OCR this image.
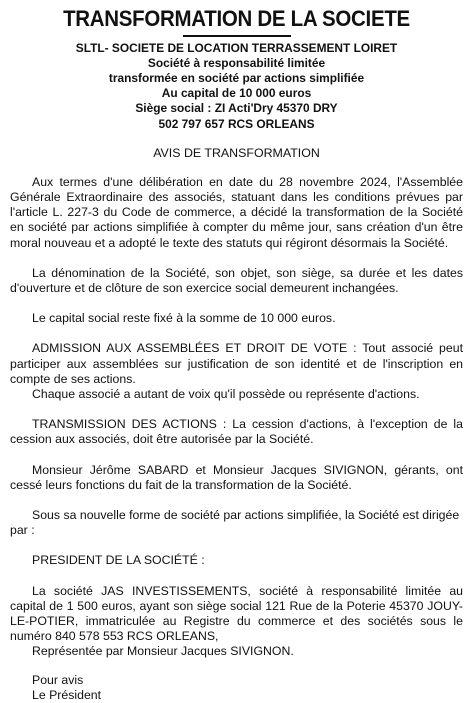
TRANSFORMATION DE LA SOCIETE
SLTL- SOCIETE DE LOCATION TERRASSEMENT LOIRET
Société à responsabilité limitée
transformée en société par actions simplifiée
Au capital de 10 000 euros
Siège social : ZI Acti'Dry 45370 DRY
502 797 657 RCS ORLEANS
AVIS DE TRANSFORMATION

Aux termes d'une délibération en date du 28 novembre 2024, l'Assemblée Générale Extraordinaire des associés, statuant dans les conditions prévues par l'article L. 227-3 du Code de commerce, a décidé la transformation de la Société en société par actions simplifiée à compter du même jour, sans création d'un être moral nouveau et a adopté le texte des statuts qui régiront désormais la Société.

La dénomination de la Société, son objet, son siège, sa durée et les dates d'ouverture et de clôture de son exercice social demeurent inchangées.

Le capital social reste fixé à la somme de 10 000 euros.

ADMISSION AUX ASSEMBLÉES ET DROIT DE VOTE : Tout associé peut participer aux assemblées sur justification de son identité et de l'inscription en compte de ses actions.

Chaque associé a autant de voix qu'il possède ou représente d'actions.

TRANSMISSION DES ACTIONS : La cession d'actions, à l'exception de la cession aux associés, doit être autorisée par la Société.

Monsieur Jérôme SABARD et Monsieur Jacques SIVIGNON, gérants, ont cessé leurs fonctions du fait de la transformation de la Société.

Sous sa nouvelle forme de société par actions simplifiée, la Société est dirigée par :

PRESIDENT DE LA SOCIÉTÉ :

La société JAS INVESTISSEMENTS, société à responsabilité limitée au capital de 1 500 euros, ayant son siège social 121 Rue de la Poterie 45370 JOUY-LE-POTIER, immatriculée au Registre du commerce et des sociétés sous le numéro 840 578 553 RCS ORLEANS,

Représentée par Monsieur Jacques SIVIGNON.

Pour avis
Le Président
